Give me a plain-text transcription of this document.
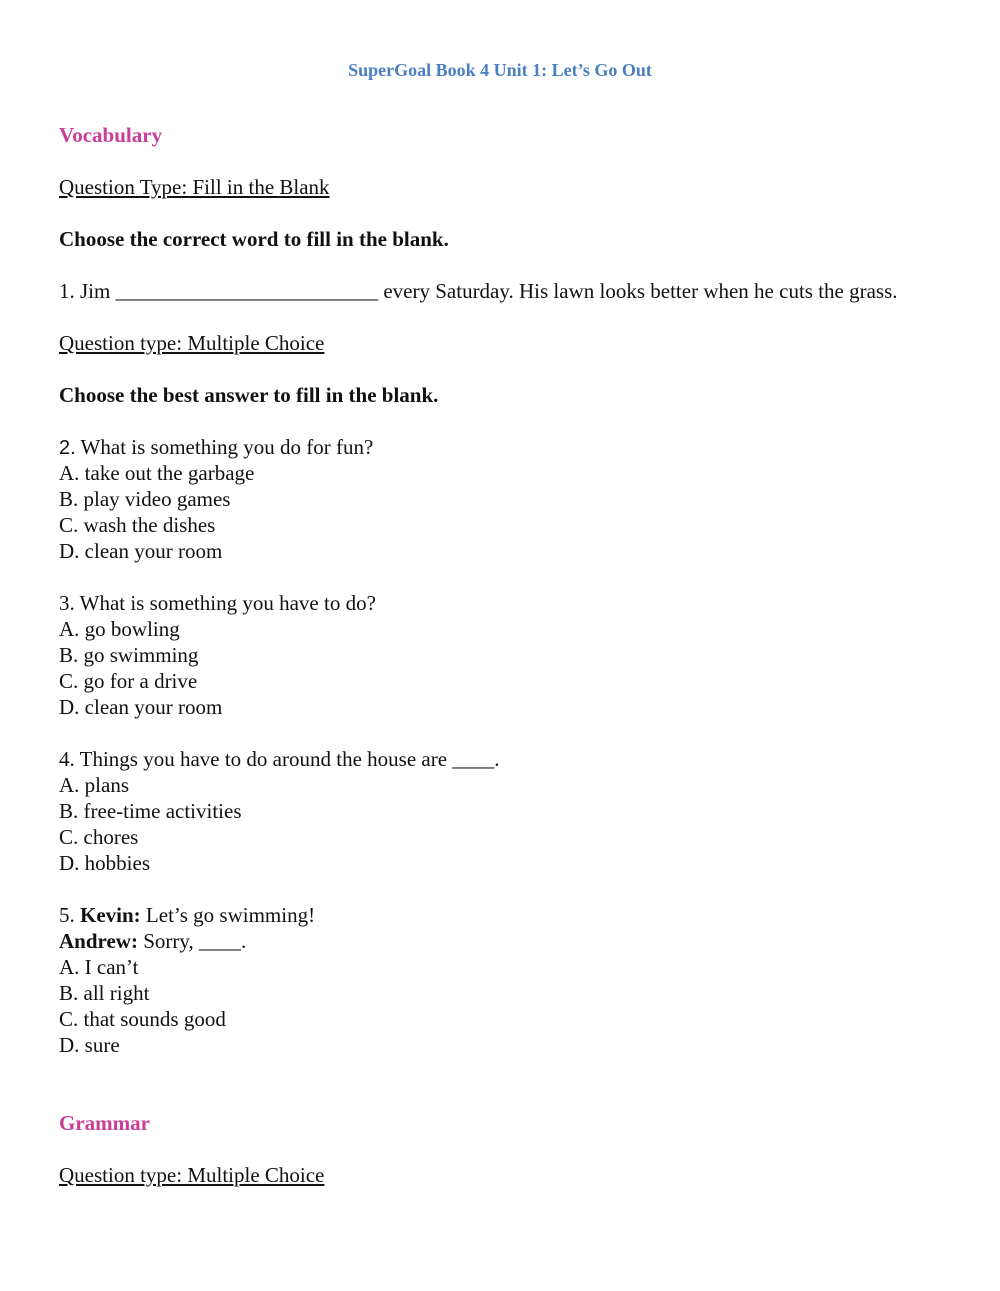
SuperGoal Book 4 Unit 1: Let’s Go Out
Vocabulary
Question Type: Fill in the Blank
Choose the correct word to fill in the blank.
1. Jim _________________________ every Saturday. His lawn looks better when he cuts the grass.
Question type: Multiple Choice
Choose the best answer to fill in the blank.
2. What is something you do for fun?
A. take out the garbage
B. play video games
C. wash the dishes
D. clean your room
3. What is something you have to do?
A. go bowling
B. go swimming
C. go for a drive
D. clean your room
4. Things you have to do around the house are ____.
A. plans
B. free-time activities
C. chores
D. hobbies
5. Kevin: Let’s go swimming!
Andrew: Sorry, ____.
A. I can’t
B. all right
C. that sounds good
D. sure
Grammar
Question type: Multiple Choice
